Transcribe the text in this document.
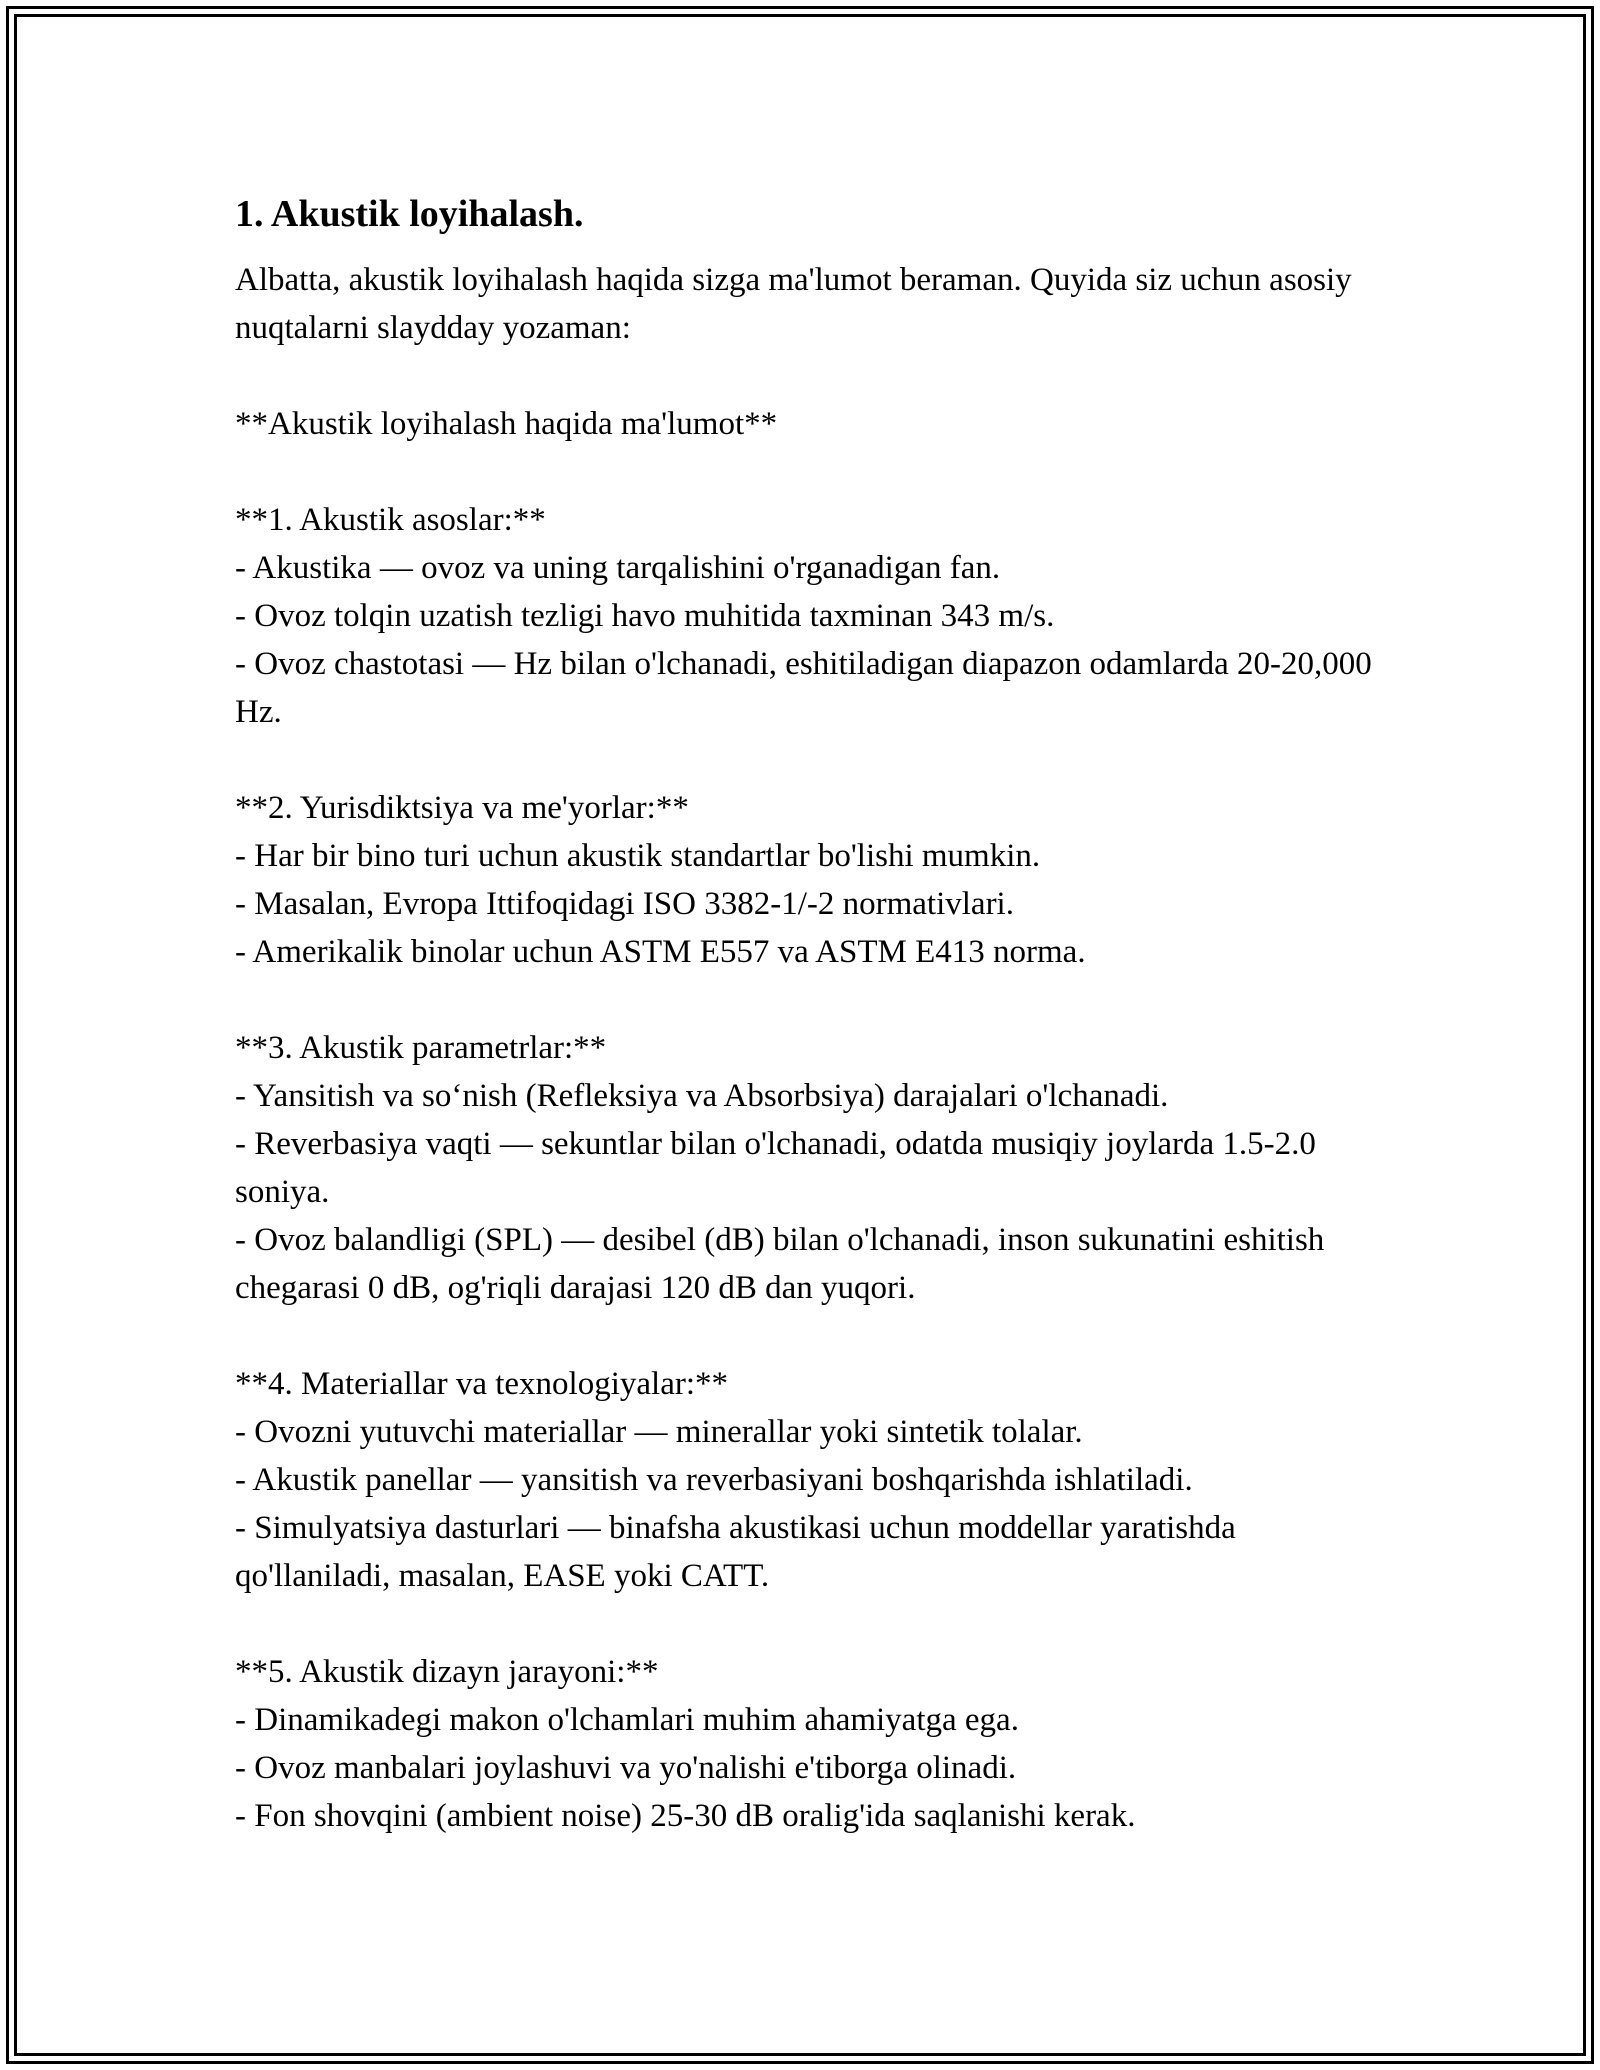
1. Akustik loyihalash.

Albatta, akustik loyihalash haqida sizga ma'lumot beraman. Quyida siz uchun asosiy nuqtalarni slaydday yozaman:

**Akustik loyihalash haqida ma'lumot**
**1. Akustik asoslar:**
- Akustika — ovoz va uning tarqalishini o'rganadigan fan.
- Ovoz tolqin uzatish tezligi havo muhitida taxminan 343 m/s.
- Ovoz chastotasi — Hz bilan o'lchanadi, eshitiladigan diapazon odamlarda 20-20,000 Hz.
**2. Yurisdiktsiya va me'yorlar:**
- Har bir bino turi uchun akustik standartlar bo'lishi mumkin.
- Masalan, Evropa Ittifoqidagi ISO 3382-1/-2 normativlari.
- Amerikalik binolar uchun ASTM E557 va ASTM E413 norma.
**3. Akustik parametrlar:**
- Yansitish va so‘nish (Refleksiya va Absorbsiya) darajalari o'lchanadi.
- Reverbasiya vaqti — sekuntlar bilan o'lchanadi, odatda musiqiy joylarda 1.5-2.0 soniya.
- Ovoz balandligi (SPL) — desibel (dB) bilan o'lchanadi, inson sukunatini eshitish chegarasi 0 dB, og'riqli darajasi 120 dB dan yuqori.
**4. Materiallar va texnologiyalar:**
- Ovozni yutuvchi materiallar — minerallar yoki sintetik tolalar.
- Akustik panellar — yansitish va reverbasiyani boshqarishda ishlatiladi.
- Simulyatsiya dasturlari — binafsha akustikasi uchun moddellar yaratishda qo'llaniladi, masalan, EASE yoki CATT.
**5. Akustik dizayn jarayoni:**
- Dinamikadegi makon o'lchamlari muhim ahamiyatga ega.
- Ovoz manbalari joylashuvi va yo'nalishi e'tiborga olinadi.
- Fon shovqini (ambient noise) 25-30 dB oralig'ida saqlanishi kerak.
